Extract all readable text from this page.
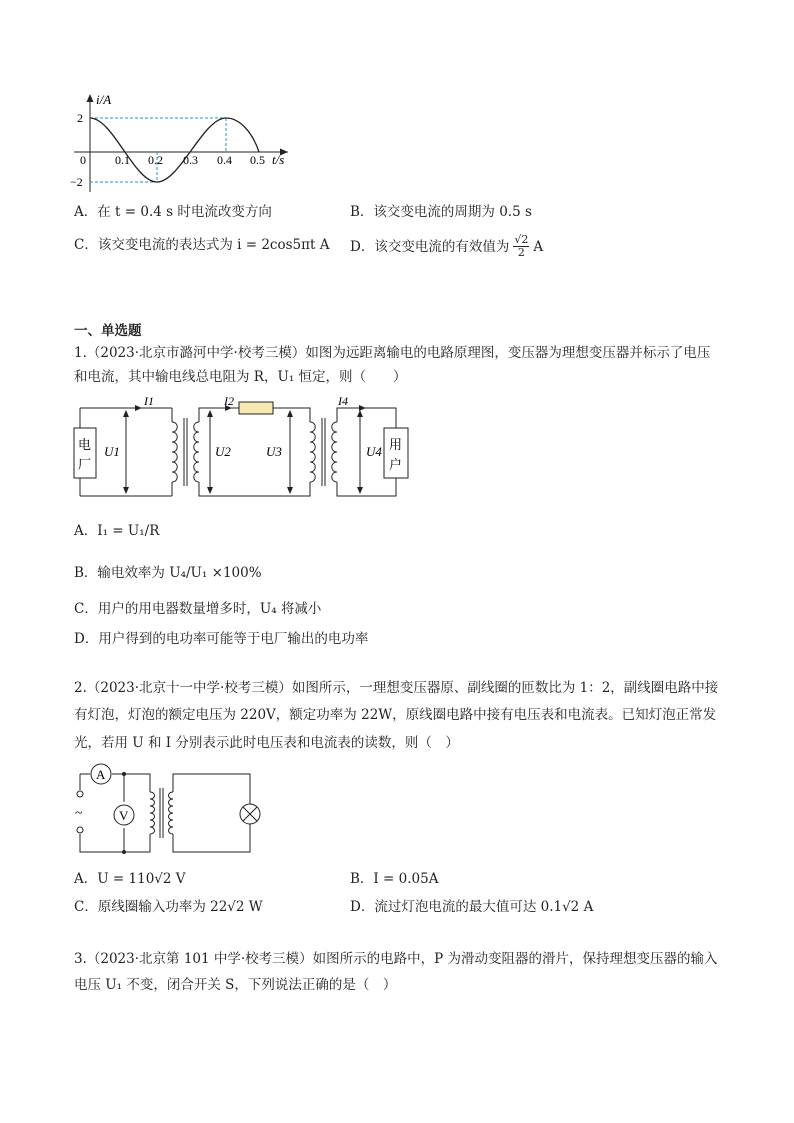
i/A
2
−2
0 0.1 0.2 0.3 0.4 0.5 t/s
A．在 t = 0.4 s 时电流改变方向	B．该交变电流的周期为 0.5 s
C．该交变电流的表达式为 i = 2cos5πt A D．该交变电流的有效值为 $\frac{√2}{2}$ A
一、单选题
1.（2023·北京市潞河中学·校考三模）如图为远距离输电的电路原理图，变压器为理想变压器并标示了电压
和电流，其中输电线总电阻为 R，U₁ 恒定，则（　　）
电
厂
用
户
I1	I2	I4
U1	U2	U3	U4
A．I₁ = U₁/R
B．输电效率为 U₄/U₁ ×100%
C．用户的用电器数量增多时，U₄ 将减小
D．用户得到的电功率可能等于电厂输出的电功率
2.（2023·北京十一中学·校考三模）如图所示，一理想变压器原、副线圈的匝数比为 1：2，副线圈电路中接
有灯泡，灯泡的额定电压为 220V，额定功率为 22W，原线圈电路中接有电压表和电流表。已知灯泡正常发
光，若用 U 和 I 分别表示此时电压表和电流表的读数，则（　）
A
V
~
A．U = 110√2 V	B．I = 0.05A
C．原线圈输入功率为 22√2 W	D．流过灯泡电流的最大值可达 0.1√2 A
3.（2023·北京第 101 中学·校考三模）如图所示的电路中，P 为滑动变阻器的滑片，保持理想变压器的输入
电压 U₁ 不变，闭合开关 S，下列说法正确的是（　）
